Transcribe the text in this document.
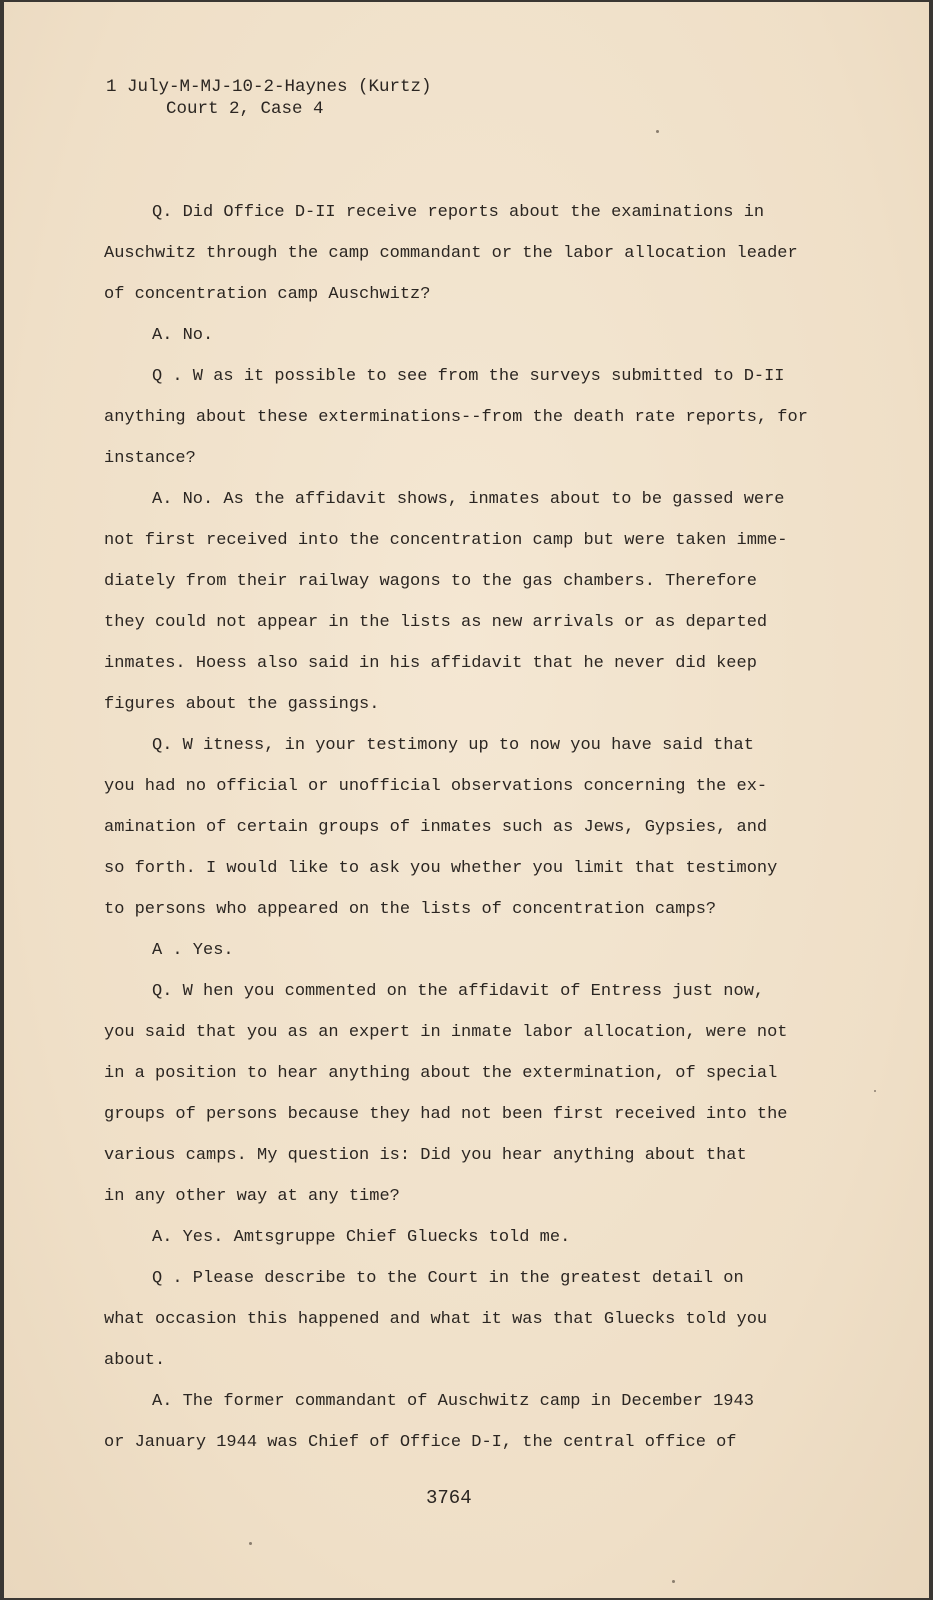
1 July-M-MJ-10-2-Haynes (Kurtz)
Court 2, Case 4
Q. Did Office D-II receive reports about the examinations in
Auschwitz through the camp commandant or the labor allocation leader
of concentration camp Auschwitz?
A. No.
Q . W as it possible to see from the surveys submitted to D-II
anything about these exterminations--from the death rate reports, for
instance?
A. No. As the affidavit shows, inmates about to be gassed were
not first received into the concentration camp but were taken imme-
diately from their railway wagons to the gas chambers. Therefore
they could not appear in the lists as new arrivals or as departed
inmates. Hoess also said in his affidavit that he never did keep
figures about the gassings.
Q. W itness, in your testimony up to now you have said that
you had no official or unofficial observations concerning the ex-
amination of certain groups of inmates such as Jews, Gypsies, and
so forth. I would like to ask you whether you limit that testimony
to persons who appeared on the lists of concentration camps?
A . Yes.
Q. W hen you commented on the affidavit of Entress just now,
you said that you as an expert in inmate labor allocation, were not
in a position to hear anything about the extermination, of special
groups of persons because they had not been first received into the
various camps. My question is: Did you hear anything about that
in any other way at any time?
A. Yes. Amtsgruppe Chief Gluecks told me.
Q . Please describe to the Court in the greatest detail on
what occasion this happened and what it was that Gluecks told you
about.
A. The former commandant of Auschwitz camp in December 1943
or January 1944 was Chief of Office D-I, the central office of
3764
